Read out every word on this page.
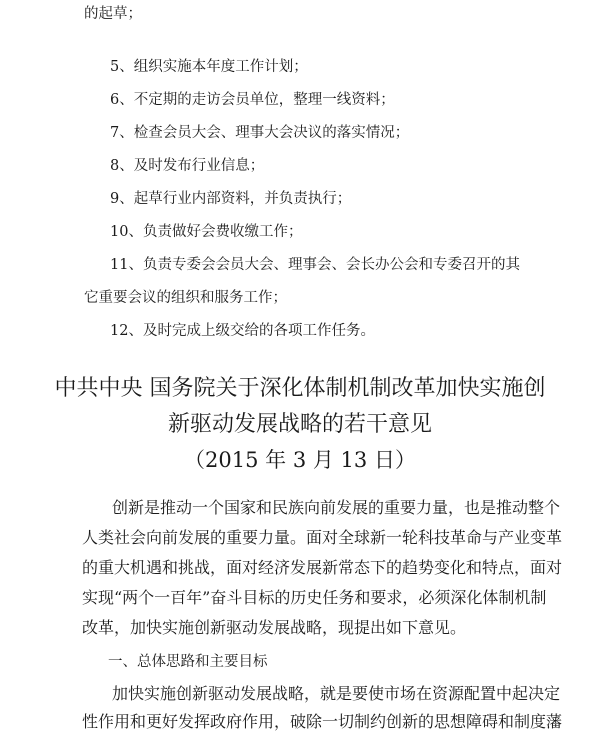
的起草；
5、组织实施本年度工作计划；
6、不定期的走访会员单位，整理一线资料；
7、检查会员大会、理事大会决议的落实情况；
8、及时发布行业信息；
9、起草行业内部资料，并负责执行；
10、负责做好会费收缴工作；
11、负责专委会会员大会、理事会、会长办公会和专委召开的其
它重要会议的组织和服务工作；
12、及时完成上级交给的各项工作任务。
中共中央 国务院关于深化体制机制改革加快实施创
新驱动发展战略的若干意见
（2015 年 3 月 13 日）
创新是推动一个国家和民族向前发展的重要力量，也是推动整个
人类社会向前发展的重要力量。面对全球新一轮科技革命与产业变革
的重大机遇和挑战，面对经济发展新常态下的趋势变化和特点，面对
实现“两个一百年”奋斗目标的历史任务和要求，必须深化体制机制
改革，加快实施创新驱动发展战略，现提出如下意见。
一、总体思路和主要目标
加快实施创新驱动发展战略，就是要使市场在资源配置中起决定
性作用和更好发挥政府作用，破除一切制约创新的思想障碍和制度藩
